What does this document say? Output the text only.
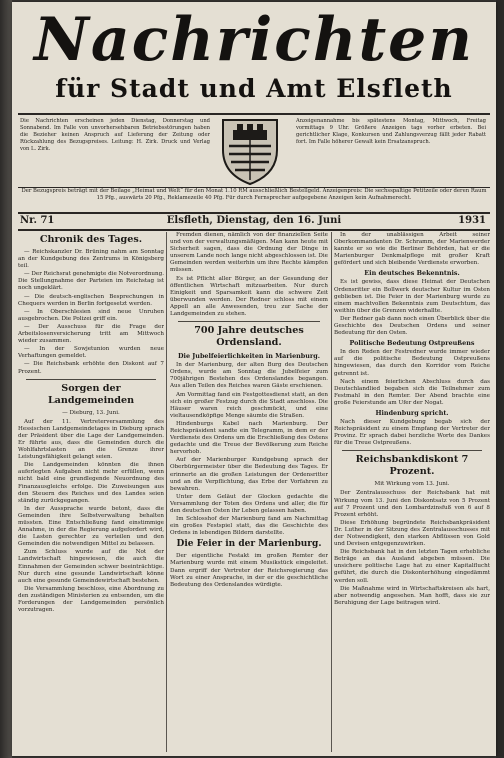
Nachrichten
für Stadt und Amt Elsfleth
Die Nachrichten erscheinen jeden Dienstag, Donnerstag und Sonnabend. Im Falle von unvorhersehbaren Betriebsstörungen haben die Bezieher keinen Anspruch auf Lieferung der Zeitung oder Rückzahlung des Bezugspreises. Leitung: H. Zirk. Druck und Verlag von L. Zirk.
Anzeigenannahme bis spätestens Montag, Mittwoch, Freitag vormittags 9 Uhr. Größere Anzeigen tags vorher erbeten. Bei gerichtlicher Klage, Konkursen und Zahlungsverzug fällt jeder Rabatt fort. Im Falle höherer Gewalt kein Ersatzanspruch.
Der Bezugspreis beträgt mit der Beilage „Heimat und Welt“ für den Monat 1.10 RM ausschließlich Bestellgeld. Anzeigenpreis: Die sechsspaltige Petitzeile oder deren Raum 15 Pfg., auswärts 20 Pfg., Reklamezeile 40 Pfg. Für durch Fernsprecher aufgegebene Anzeigen kein Aufnahmerecht.
Nr. 71	Elsfleth, Dienstag, den 16. Juni	1931
Chronik des Tages.
— Reichskanzler Dr. Brüning nahm am Sonntag an der Kundgebung des Zentrums in Königsberg teil.
— Der Reichsrat genehmigte die Notverordnung. Die Stellungnahme der Parteien im Reichstag ist noch ungeklärt.
— Die deutsch-englischen Besprechungen in Chequers werden in Berlin fortgesetzt werden.
— In Oberschlesien sind neue Unruhen ausgebrochen. Die Polizei griff ein.
— Der Ausschuss für die Frage der Arbeitslosenversicherung tritt am Mittwoch wieder zusammen.
— In der Sowjetunion wurden neue Verhaftungen gemeldet.
— Die Reichsbank erhöhte den Diskont auf 7 Prozent.
Sorgen der Landgemeinden
— Dieburg, 13. Juni.
Auf der 11. Vertreterversammlung des Hessischen Landgemeindetages in Dieburg sprach der Präsident über die Lage der Landgemeinden. Er führte aus, dass die Gemeinden durch die Wohlfahrtslasten an die Grenze ihrer Leistungsfähigkeit gelangt seien.
Die Landgemeinden könnten die ihnen auferlegten Aufgaben nicht mehr erfüllen, wenn nicht bald eine grundlegende Neuordnung des Finanzausgleichs erfolge. Die Zuweisungen aus den Steuern des Reiches und des Landes seien ständig zurückgegangen.
In der Aussprache wurde betont, dass die Gemeinden ihre Selbstverwaltung behalten müssten. Eine Entschließung fand einstimmige Annahme, in der die Regierung aufgefordert wird, die Lasten gerechter zu verteilen und den Gemeinden die notwendigen Mittel zu belassen.
Zum Schluss wurde auf die Not der Landwirtschaft hingewiesen, die auch die Einnahmen der Gemeinden schwer beeinträchtige. Nur durch eine gesunde Landwirtschaft könne auch eine gesunde Gemeindewirtschaft bestehen.
Die Versammlung beschloss, eine Abordnung zu den zuständigen Ministerien zu entsenden, um die Forderungen der Landgemeinden persönlich vorzutragen.
Fremden dienen, nämlich von der finanziellen Seite und von der verwaltungsmäßigen. Man kann heute mit Sicherheit sagen, dass die Ordnung der Dinge in unserem Lande noch lange nicht abgeschlossen ist. Die Gemeinden werden weiterhin um ihre Rechte kämpfen müssen.
Es ist Pflicht aller Bürger, an der Gesundung der öffentlichen Wirtschaft mitzuarbeiten. Nur durch Einigkeit und Sparsamkeit kann die schwere Zeit überwunden werden. Der Redner schloss mit einem Appell an alle Anwesenden, treu zur Sache der Landgemeinden zu stehen.
700 Jahre deutsches Ordensland.
Die Jubelfeierlichkeiten in Marienburg.
In der Marienburg, der alten Burg des Deutschen Ordens, wurde am Sonntag die Jubelfeier zum 700jährigen Bestehen des Ordenslandes begangen. Aus allen Teilen des Reiches waren Gäste erschienen.
Am Vormittag fand ein Festgottesdienst statt, an den sich ein großer Festzug durch die Stadt anschloss. Die Häuser waren reich geschmückt, und eine vieltausendköpfige Menge säumte die Straßen.
Hindenburgs Kabel nach Marienburg. Der Reichspräsident sandte ein Telegramm, in dem er der Verdienste des Ordens um die Erschließung des Ostens gedachte und die Treue der Bevölkerung zum Reiche hervorhob.
Auf der Marienburger Kundgebung sprach der Oberbürgermeister über die Bedeutung des Tages. Er erinnerte an die großen Leistungen der Ordensritter und an die Verpflichtung, das Erbe der Vorfahren zu bewahren.
Unter dem Geläut der Glocken gedachte die Versammlung der Toten des Ordens und aller, die für den deutschen Osten ihr Leben gelassen haben.
Im Schlosshof der Marienburg fand am Nachmittag ein großes Festspiel statt, das die Geschichte des Ordens in lebendigen Bildern darstellte.
Die Feier in der Marienburg.
Der eigentliche Festakt im großen Remter der Marienburg wurde mit einem Musikstück eingeleitet. Dann ergriff der Vertreter der Reichsregierung das Wort zu einer Ansprache, in der er die geschichtliche Bedeutung des Ordenslandes würdigte.
In der unablässigen Arbeit seiner Oberkommandanten Dr. Schramm, der Marienwerder kannte er so wie die Berliner Behörden, hat er die Marienburger Denkmalpflege mit großer Kraft gefördert und sich bleibende Verdienste erworben.
Ein deutsches Bekenntnis.
Es ist gewiss, dass diese Heimat der Deutschen Ordensritter ein Bollwerk deutscher Kultur im Osten geblieben ist. Die Feier in der Marienburg wurde zu einem machtvollen Bekenntnis zum Deutschtum, das weithin über die Grenzen widerhallte.
Der Redner gab dann noch einen Überblick über die Geschichte des Deutschen Ordens und seiner Bedeutung für den Osten.
Politische Bedeutung Ostpreußens
In den Reden der Festredner wurde immer wieder auf die politische Bedeutung Ostpreußens hingewiesen, das durch den Korridor vom Reiche getrennt ist.
Nach einem feierlichen Abschluss durch das Deutschlandlied begaben sich die Teilnehmer zum Festmahl in den Remter. Der Abend brachte eine große Feierstunde am Ufer der Nogat.
Hindenburg spricht.
Nach dieser Kundgebung begab sich der Reichspräsident zu einem Empfang der Vertreter der Provinz. Er sprach dabei herzliche Worte des Dankes für die Treue Ostpreußens.
Reichsbankdiskont 7 Prozent.
Mit Wirkung vom 13. Juni.
Der Zentralausschuss der Reichsbank hat mit Wirkung vom 13. Juni den Diskontsatz von 5 Prozent auf 7 Prozent und den Lombardzinsfuß von 6 auf 8 Prozent erhöht.
Diese Erhöhung begründete Reichsbankpräsident Dr. Luther in der Sitzung des Zentralausschusses mit der Notwendigkeit, den starken Abflüssen von Gold und Devisen entgegenzuwirken.
Die Reichsbank hat in den letzten Tagen erhebliche Beträge an das Ausland abgeben müssen. Die unsichere politische Lage hat zu einer Kapitalflucht geführt, die durch die Diskonterhöhung eingedämmt werden soll.
Die Maßnahme wird in Wirtschaftskreisen als hart, aber notwendig angesehen. Man hofft, dass sie zur Beruhigung der Lage beitragen wird.
